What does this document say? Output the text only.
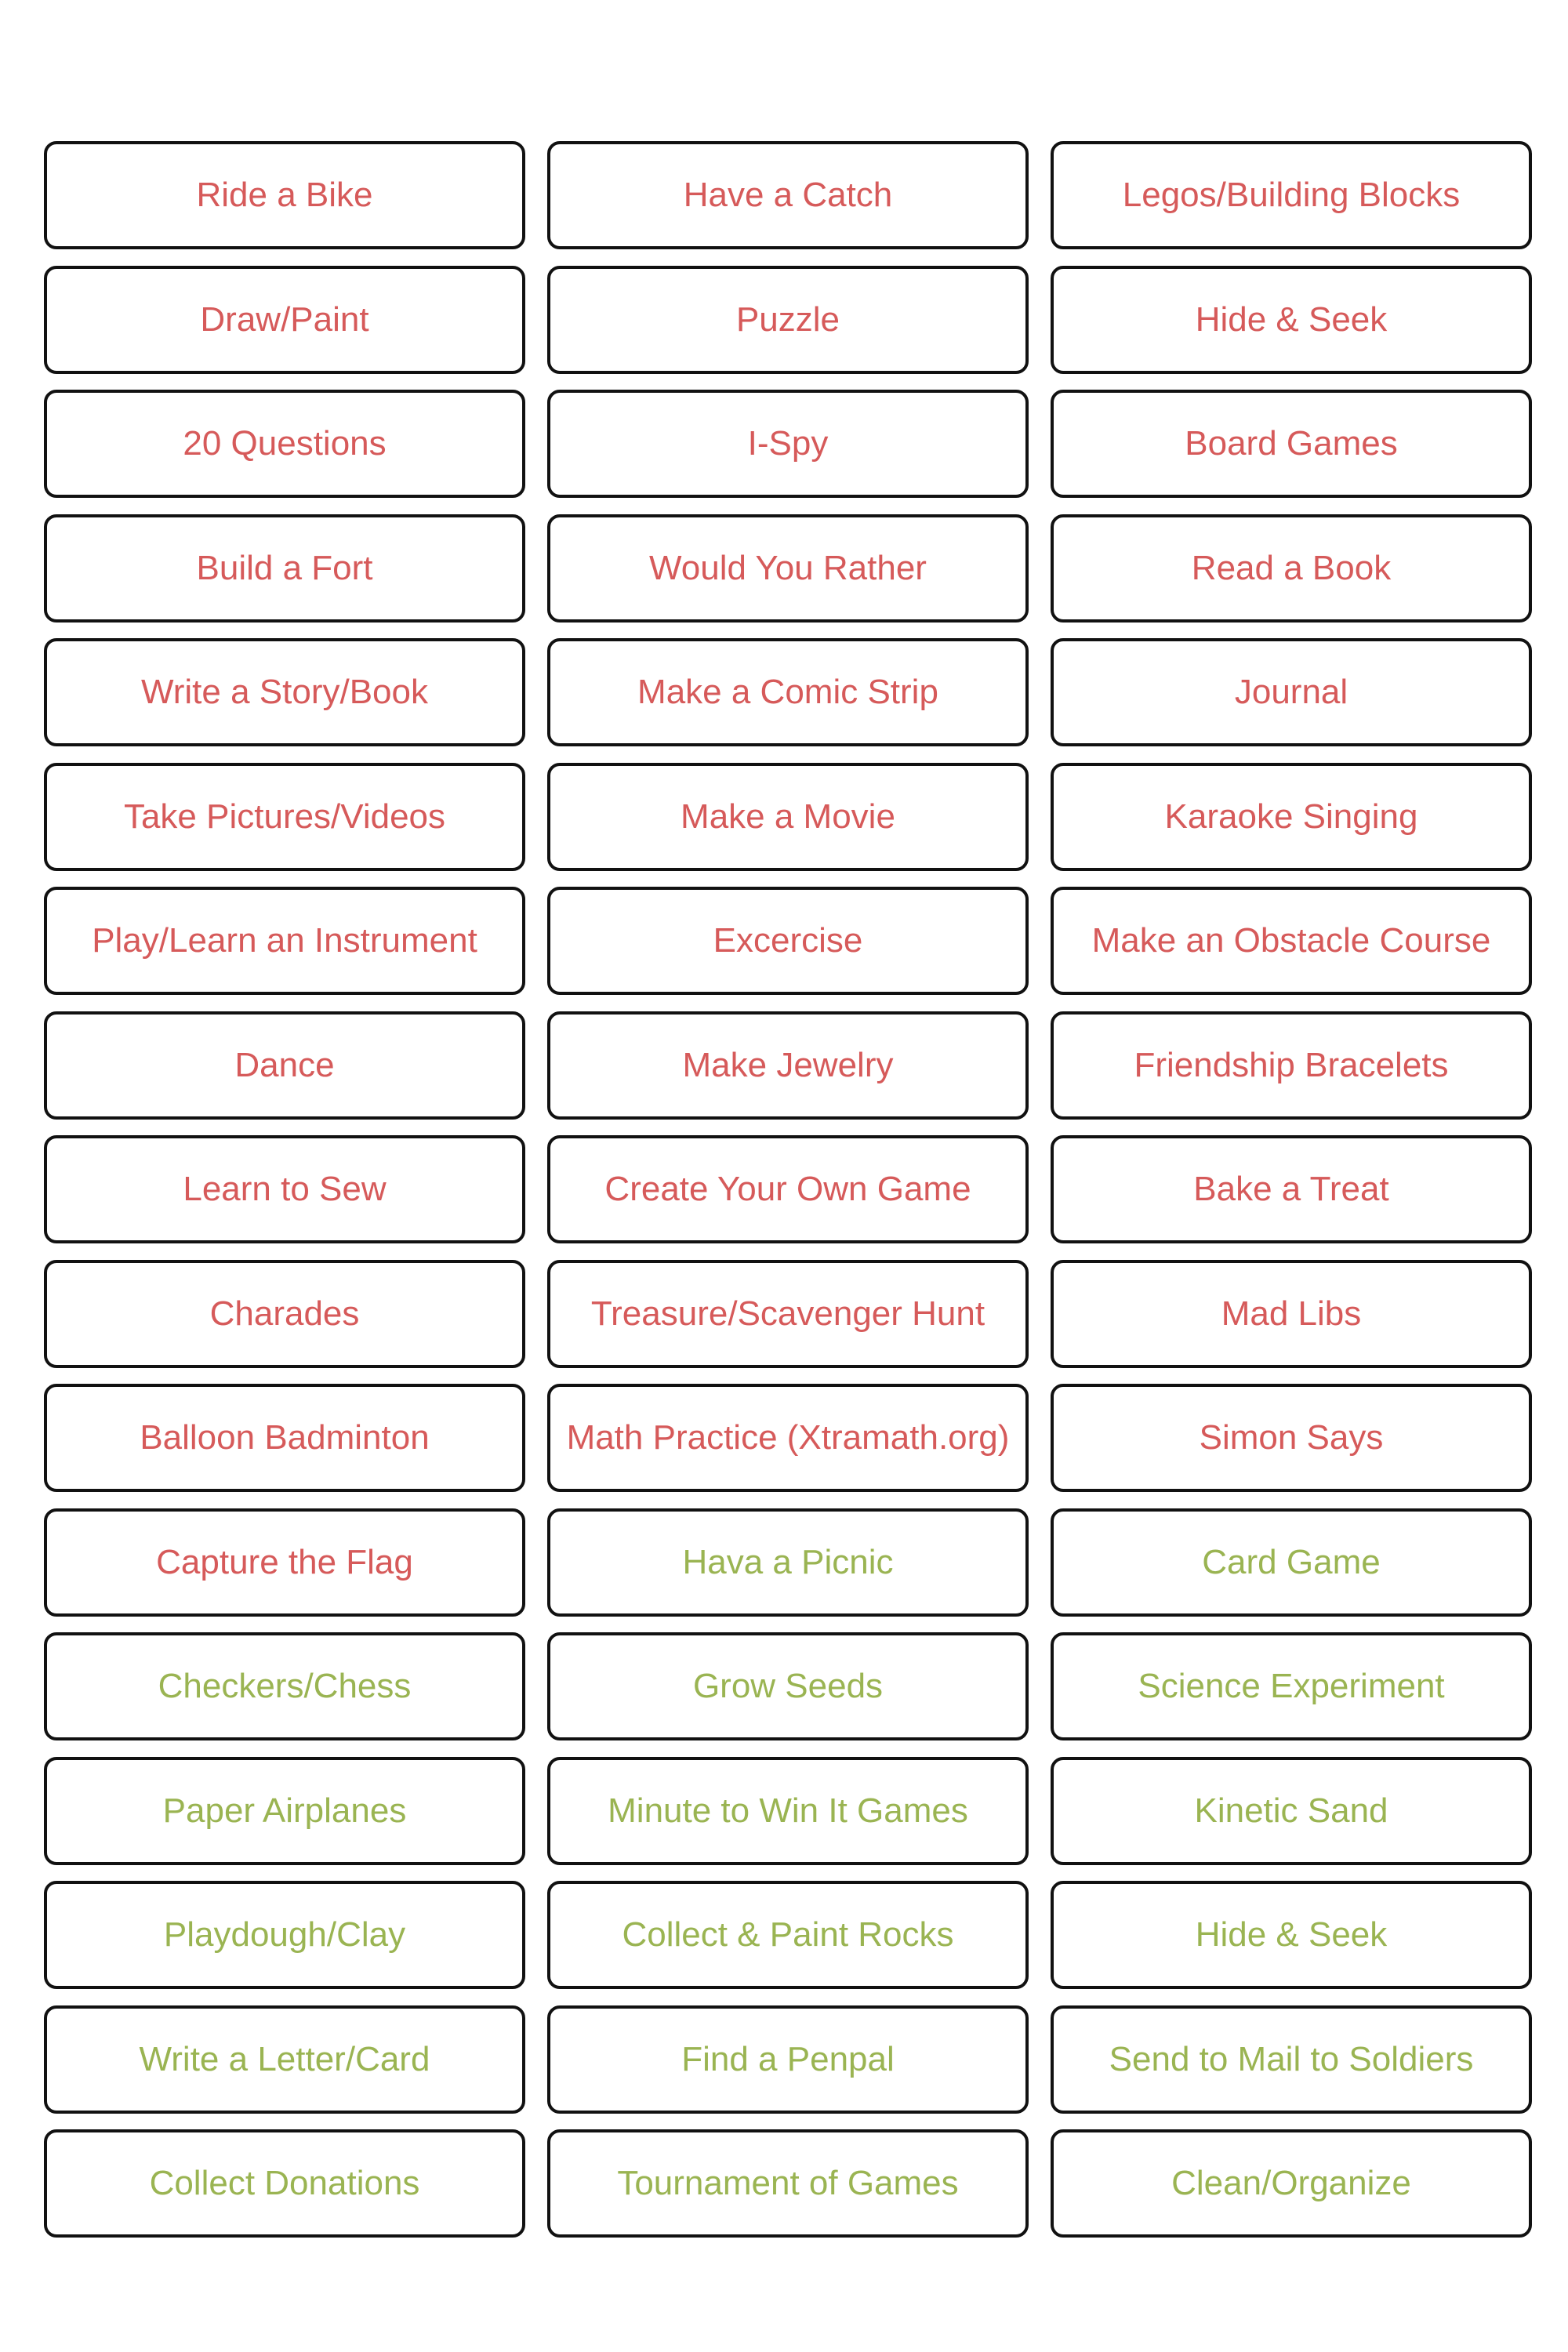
Ride a Bike	Have a Catch	Legos/Building Blocks
Draw/Paint	Puzzle	Hide & Seek
20 Questions	I-Spy	Board Games
Build a Fort	Would You Rather	Read a Book
Write a Story/Book	Make a Comic Strip	Journal
Take Pictures/Videos	Make a Movie	Karaoke Singing
Play/Learn an Instrument	Excercise	Make an Obstacle Course
Dance	Make Jewelry	Friendship Bracelets
Learn to Sew	Create Your Own Game	Bake a Treat
Charades	Treasure/Scavenger Hunt	Mad Libs
Balloon Badminton	Math Practice (Xtramath.org)	Simon Says
Capture the Flag	Hava a Picnic	Card Game
Checkers/Chess	Grow Seeds	Science Experiment
Paper Airplanes	Minute to Win It Games	Kinetic Sand
Playdough/Clay	Collect & Paint Rocks	Hide & Seek
Write a Letter/Card	Find a Penpal	Send to Mail to Soldiers
Collect Donations	Tournament of Games	Clean/Organize
